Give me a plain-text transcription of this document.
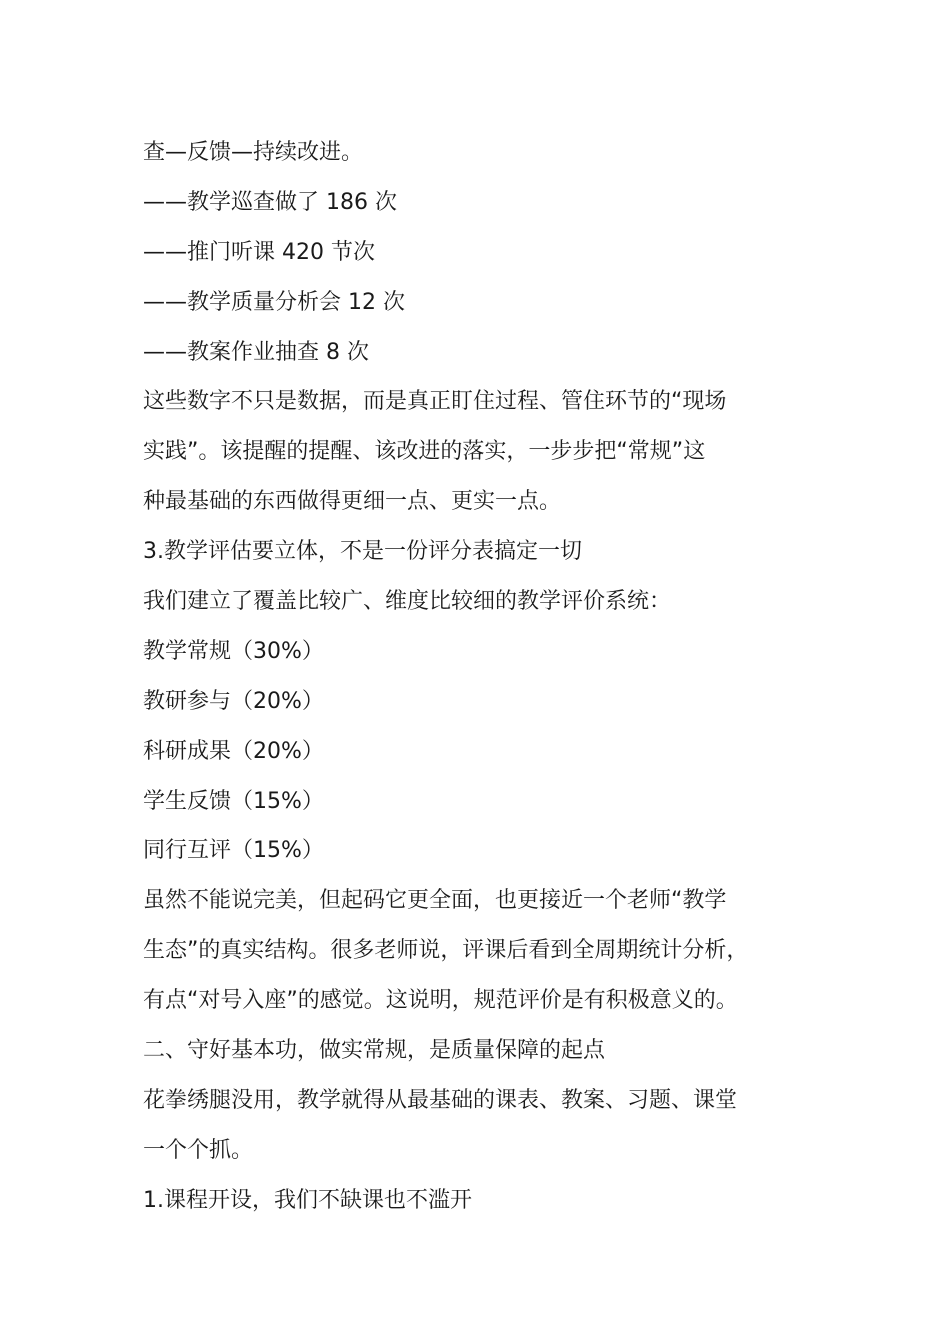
查—反馈—持续改进。

——教学巡查做了 186 次

——推门听课 420 节次

——教学质量分析会 12 次

——教案作业抽查 8 次

这些数字不只是数据，而是真正盯住过程、管住环节的“现场

实践”。该提醒的提醒、该改进的落实，一步步把“常规”这

种最基础的东西做得更细一点、更实一点。

3.教学评估要立体，不是一份评分表搞定一切

我们建立了覆盖比较广、维度比较细的教学评价系统：

教学常规（30%）

教研参与（20%）

科研成果（20%）

学生反馈（15%）

同行互评（15%）

虽然不能说完美，但起码它更全面，也更接近一个老师“教学

生态”的真实结构。很多老师说，评课后看到全周期统计分析，

有点“对号入座”的感觉。这说明，规范评价是有积极意义的。

二、守好基本功，做实常规，是质量保障的起点

花拳绣腿没用，教学就得从最基础的课表、教案、习题、课堂

一个个抓。

1.课程开设，我们不缺课也不滥开
